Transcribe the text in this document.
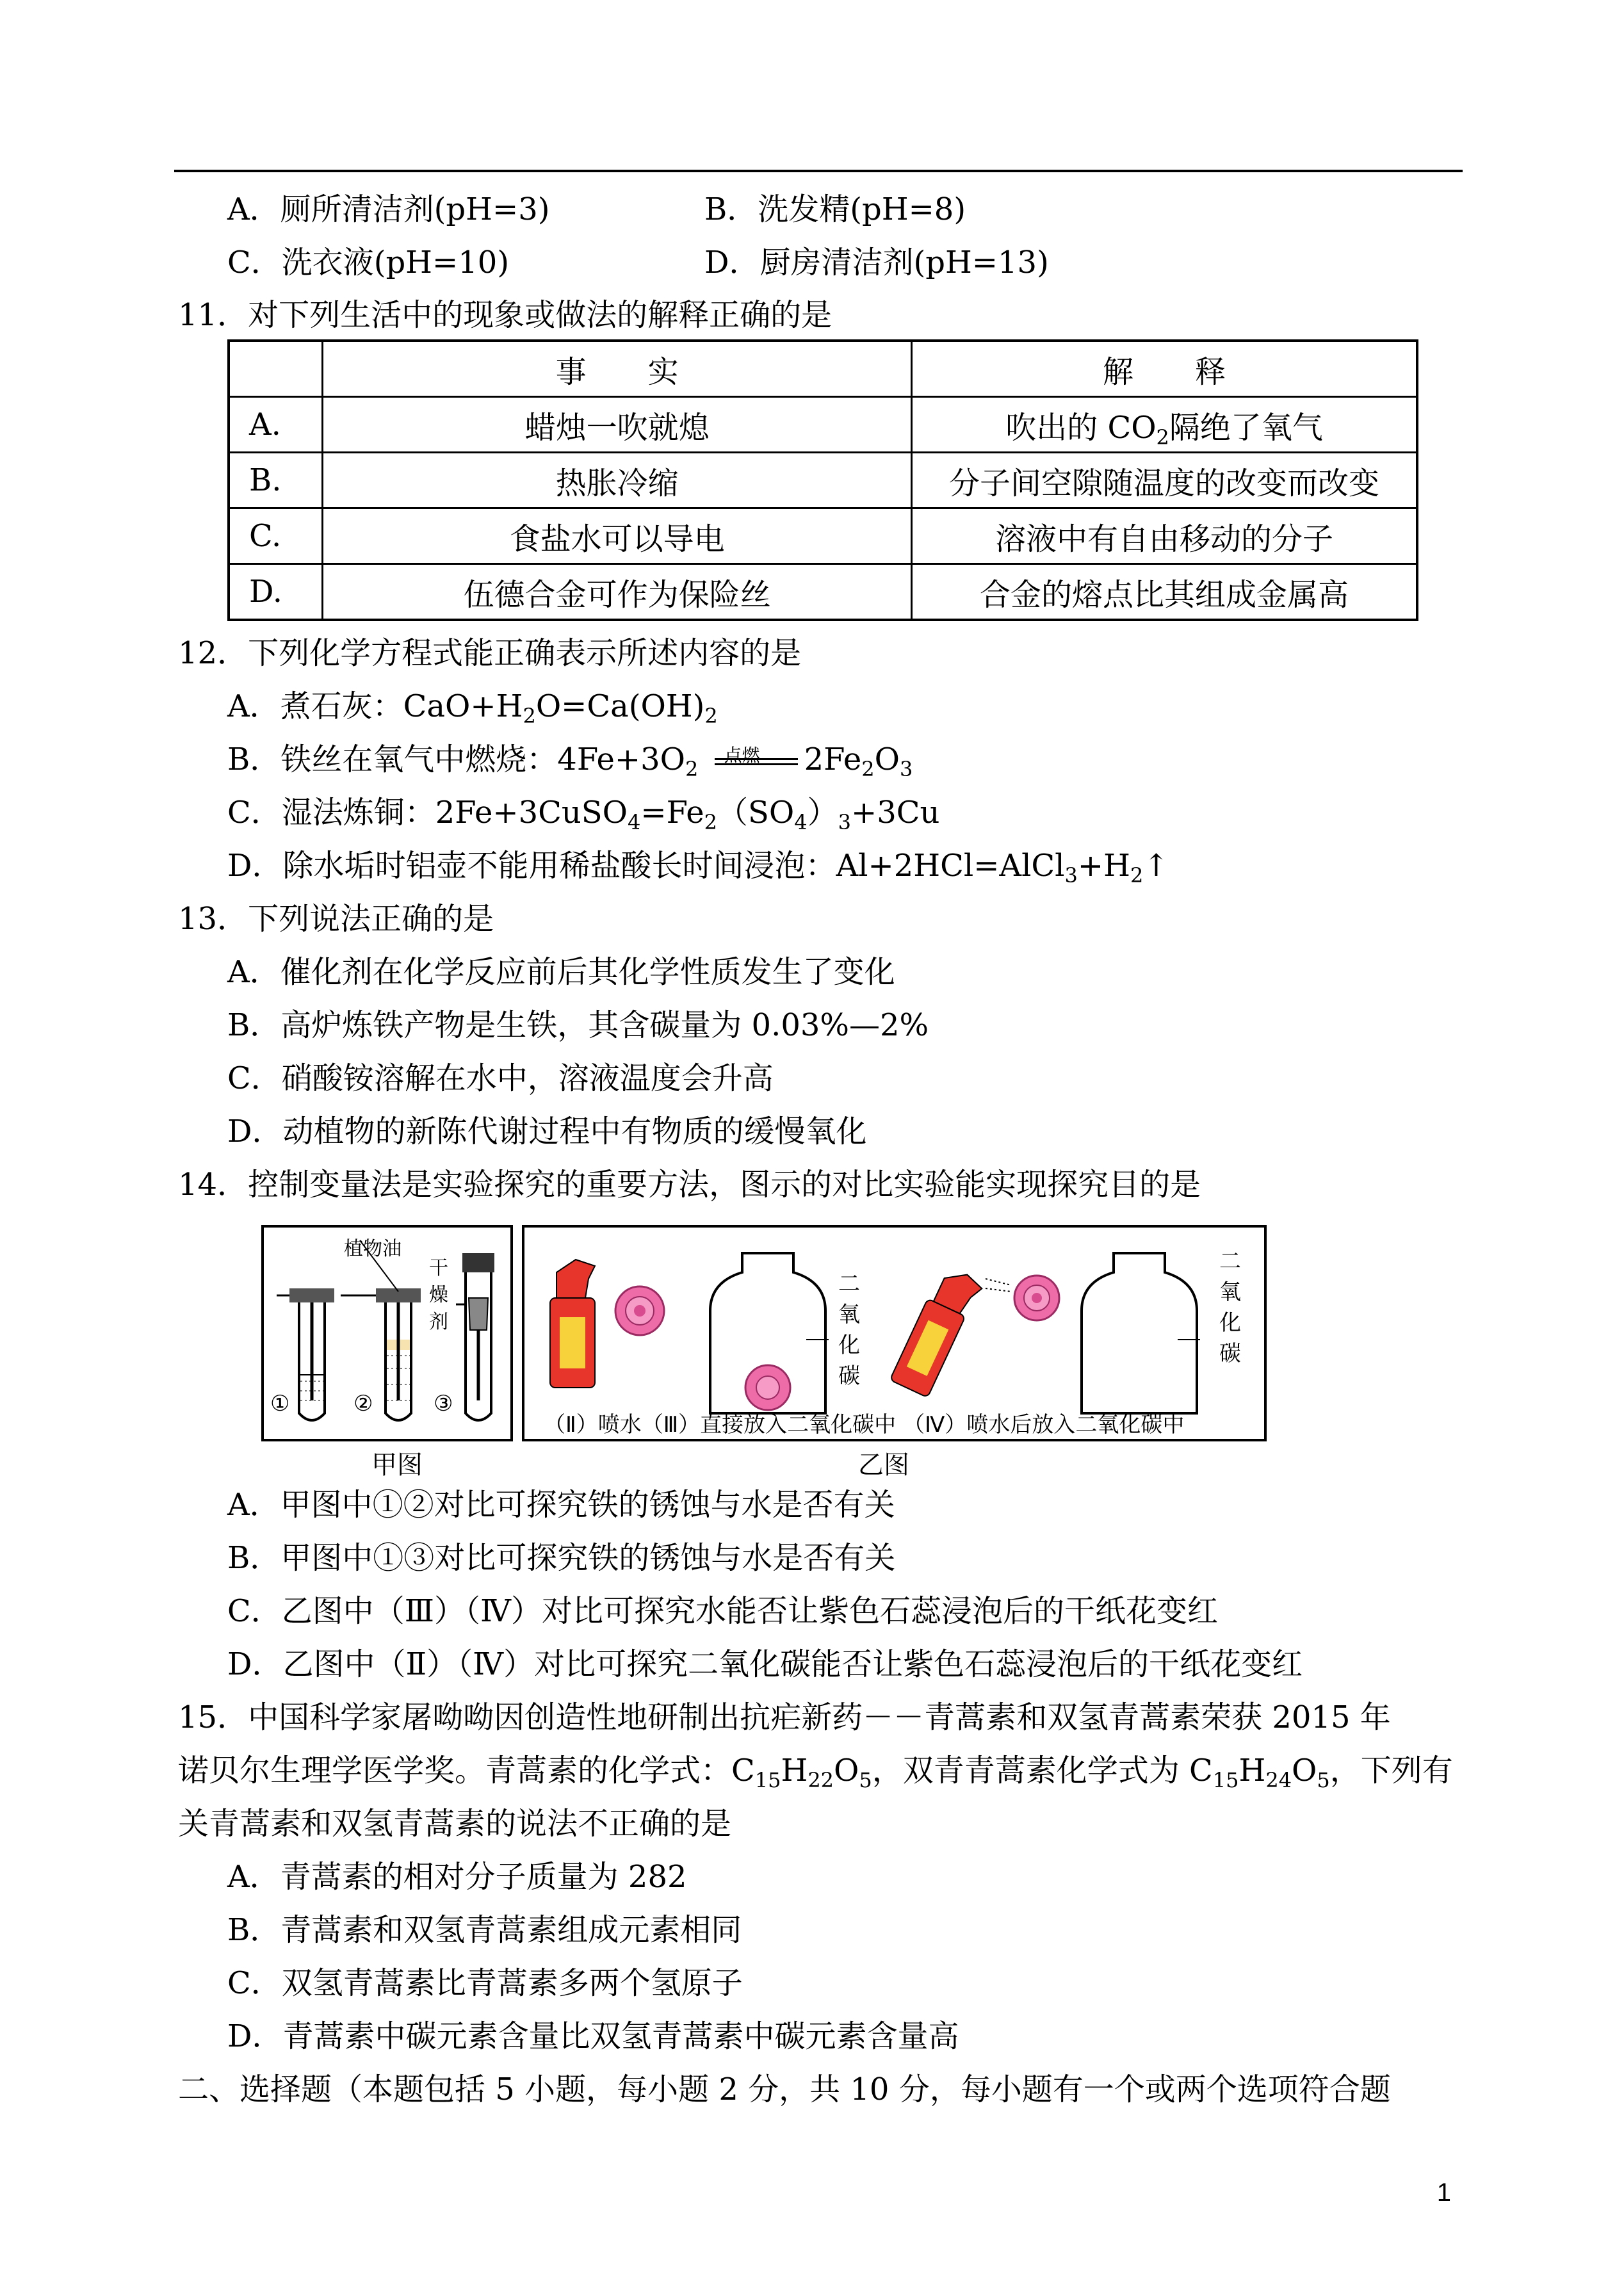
A．厕所清洁剂(pH=3)	B．洗发精(pH=8)
C．洗衣液(pH=10)	D．厨房清洁剂(pH=13)
11．对下列生活中的现象或做法的解释正确的是
	事　　实	解　　释
A.	蜡烛一吹就熄	吹出的 $CO_2$隔绝了氧气
B.	热胀冷缩	分子间空隙随温度的改变而改变
C.	食盐水可以导电	溶液中有自由移动的分子
D.	伍德合金可作为保险丝	合金的熔点比其组成金属高
12．下列化学方程式能正确表示所述内容的是
A．煮石灰：$CaO+H_2O=Ca(OH)_2$
B．铁丝在氧气中燃烧：$4Fe+3O_2$
点燃 $2Fe_2O_3$
C．湿法炼铜：$2Fe+3CuSO_4=Fe_2(SO_4)_3+3Cu$
D．除水垢时铝壶不能用稀盐酸长时间浸泡：$Al+2HCl=AlCl_3+H_2↑$
13．下列说法正确的是
A．催化剂在化学反应前后其化学性质发生了变化
B．高炉炼铁产物是生铁，其含碳量为 0.03%—2%
C．硝酸铵溶解在水中，溶液温度会升高
D．动植物的新陈代谢过程中有物质的缓慢氧化
14．控制变量法是实验探究的重要方法，图示的对比实验能实现探究目的是
植物油
干
燥
剂
①	②	③
甲图
二
氧
化
碳
二
氧
化
碳
（Ⅱ）喷水（Ⅲ）直接放入二氧化碳中 （Ⅳ）喷水后放入二氧化碳中
乙图
A．甲图中①②对比可探究铁的锈蚀与水是否有关
B．甲图中①③对比可探究铁的锈蚀与水是否有关
C．乙图中（Ⅲ）（Ⅳ）对比可探究水能否让紫色石蕊浸泡后的干纸花变红
D．乙图中（Ⅱ）（Ⅳ）对比可探究二氧化碳能否让紫色石蕊浸泡后的干纸花变红
15．中国科学家屠呦呦因创造性地研制出抗疟新药－－青蒿素和双氢青蒿素荣获 2015 年
诺贝尔生理学医学奖。青蒿素的化学式：$C_{15}H_{22}O_5$，双青青蒿素化学式为 $C_{15}H_{24}O_5$，下列有
关青蒿素和双氢青蒿素的说法不正确的是
A．青蒿素的相对分子质量为 282
B．青蒿素和双氢青蒿素组成元素相同
C．双氢青蒿素比青蒿素多两个氢原子
D．青蒿素中碳元素含量比双氢青蒿素中碳元素含量高
二、选择题（本题包括 5 小题，每小题 2 分，共 10 分，每小题有一个或两个选项符合题
1
